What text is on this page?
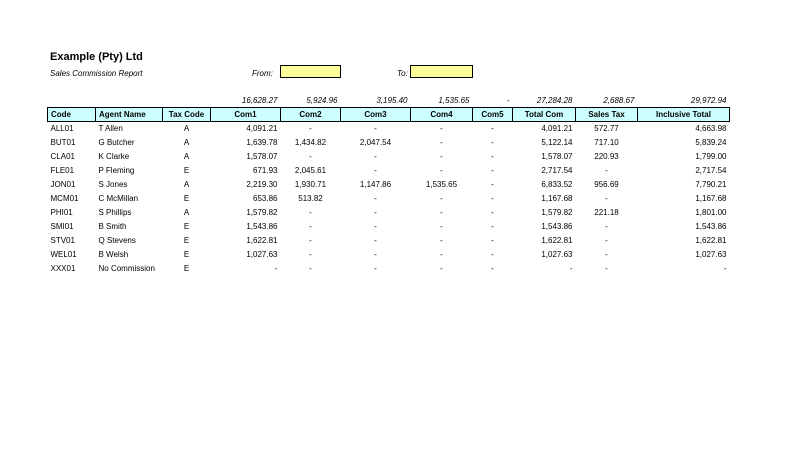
Example (Pty) Ltd
Sales Commission Report	From:	To:
			16,628.27	5,924.96	3,195.40	1,535.65	-	27,284.28	2,688.67	29,972.94
Code	Agent Name	Tax Code	Com1	Com2	Com3	Com4	Com5	Total Com	Sales Tax	Inclusive Total
ALL01	T Allen	A	4,091.21	-	-	-	-	4,091.21	572.77	4,663.98
BUT01	G Butcher	A	1,639.78	1,434.82	2,047.54	-	-	5,122.14	717.10	5,839.24
CLA01	K Clarke	A	1,578.07	-	-	-	-	1,578.07	220.93	1,799.00
FLE01	P Fleming	E	671.93	2,045.61	-	-	-	2,717.54	-	2,717.54
JON01	S Jones	A	2,219.30	1,930.71	1,147.86	1,535.65	-	6,833.52	956.69	7,790.21
MCM01	C McMillan	E	653.86	513.82	-	-	-	1,167.68	-	1,167.68
PHI01	S Phillips	A	1,579.82	-	-	-	-	1,579.82	221.18	1,801.00
SMI01	B Smith	E	1,543.86	-	-	-	-	1,543.86	-	1,543.86
STV01	Q Stevens	E	1,622.81	-	-	-	-	1,622.81	-	1,622.81
WEL01	B Welsh	E	1,027.63	-	-	-	-	1,027.63	-	1,027.63
XXX01	No Commission	E	-	-	-	-	-	-	-	-
